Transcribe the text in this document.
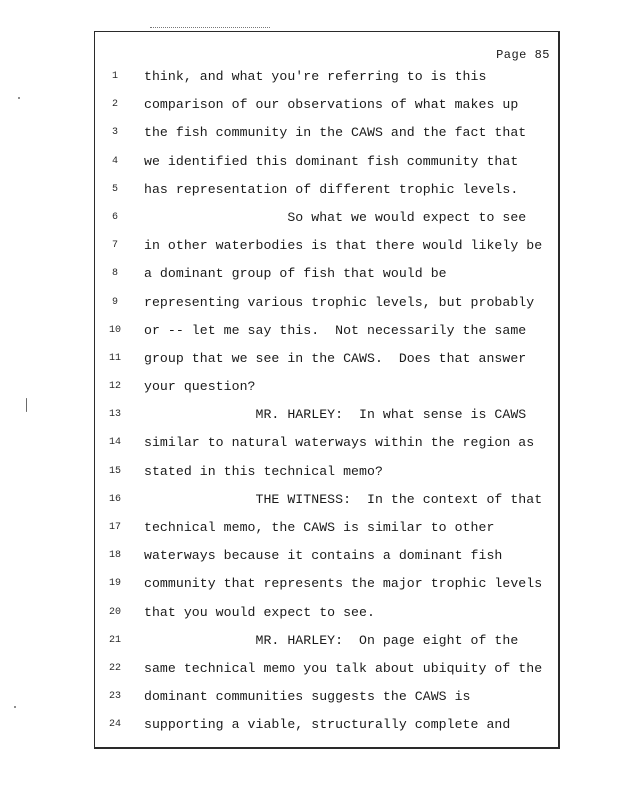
Page 85
1
2
3
4
5
6
7
8
9
10
11
12
13
14
15
16
17
18
19
20
21
22
23
24
think, and what you're referring to is this
comparison of our observations of what makes up
the fish community in the CAWS and the fact that
we identified this dominant fish community that
has representation of different trophic levels.
So what we would expect to see
in other waterbodies is that there would likely be
a dominant group of fish that would be
representing various trophic levels, but probably
or -- let me say this.  Not necessarily the same
group that we see in the CAWS.  Does that answer
your question?
MR. HARLEY:  In what sense is CAWS
similar to natural waterways within the region as
stated in this technical memo?
THE WITNESS:  In the context of that
technical memo, the CAWS is similar to other
waterways because it contains a dominant fish
community that represents the major trophic levels
that you would expect to see.
MR. HARLEY:  On page eight of the
same technical memo you talk about ubiquity of the
dominant communities suggests the CAWS is
supporting a viable, structurally complete and
